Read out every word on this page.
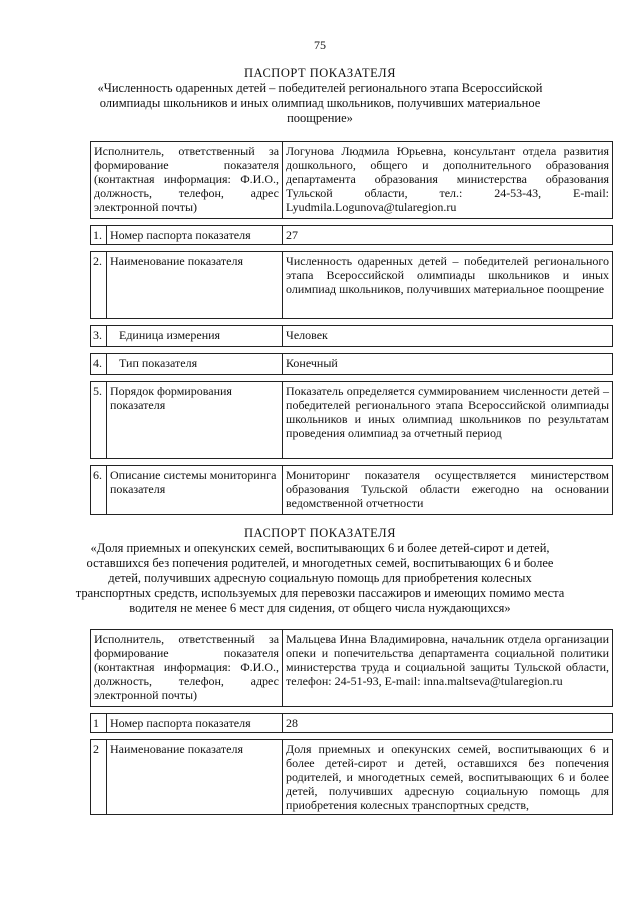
75
ПАСПОРТ ПОКАЗАТЕЛЯ
«Численность одаренных детей – победителей регионального этапа Всероссийской олимпиады школьников и иных олимпиад школьников, получивших материальное поощрение»
Исполнитель, ответственный за формирование показателя (контактная информация: Ф.И.О., должность, телефон, адрес электронной почты)		Логунова Людмила Юрьевна, консультант отдела развития дошкольного, общего и дополнительного образования департамента образования министерства образования Тульской области, тел.: 24-53-43, E-mail: Lyudmila.Logunova@tularegion.ru

1.	Номер паспорта показателя	27

2.	Наименование показателя	Численность одаренных детей – победителей регионального этапа Всероссийской олимпиады школьников и иных олимпиад школьников, получивших материальное поощрение

3.	Единица измерения	Человек

4.	Тип показателя	Конечный

5.	Порядок формирования показателя	Показатель определяется суммированием численности детей – победителей регионального этапа Всероссийской олимпиады школьников и иных олимпиад школьников по результатам проведения олимпиад за отчетный период

6.	Описание системы мониторинга показателя	Мониторинг показателя осуществляется министерством образования Тульской области ежегодно на основании ведомственной отчетности
ПАСПОРТ ПОКАЗАТЕЛЯ
«Доля приемных и опекунских семей, воспитывающих 6 и более детей-сирот и детей, оставшихся без попечения родителей, и многодетных семей, воспитывающих 6 и более детей, получивших адресную социальную помощь для приобретения колесных транспортных средств, используемых для перевозки пассажиров и имеющих помимо места водителя не менее 6 мест для сидения, от общего числа нуждающихся»
Исполнитель, ответственный за формирование показателя (контактная информация: Ф.И.О., должность, телефон, адрес электронной почты)		Мальцева Инна Владимировна, начальник отдела организации опеки и попечительства департамента социальной политики министерства труда и социальной защиты Тульской области, телефон: 24-51-93, E-mail: inna.maltseva@tularegion.ru

1	Номер паспорта показателя	28

2	Наименование показателя	Доля приемных и опекунских семей, воспитывающих 6 и более детей-сирот и детей, оставшихся без попечения родителей, и многодетных семей, воспитывающих 6 и более детей, получивших адресную социальную помощь для приобретения колесных транспортных средств,
